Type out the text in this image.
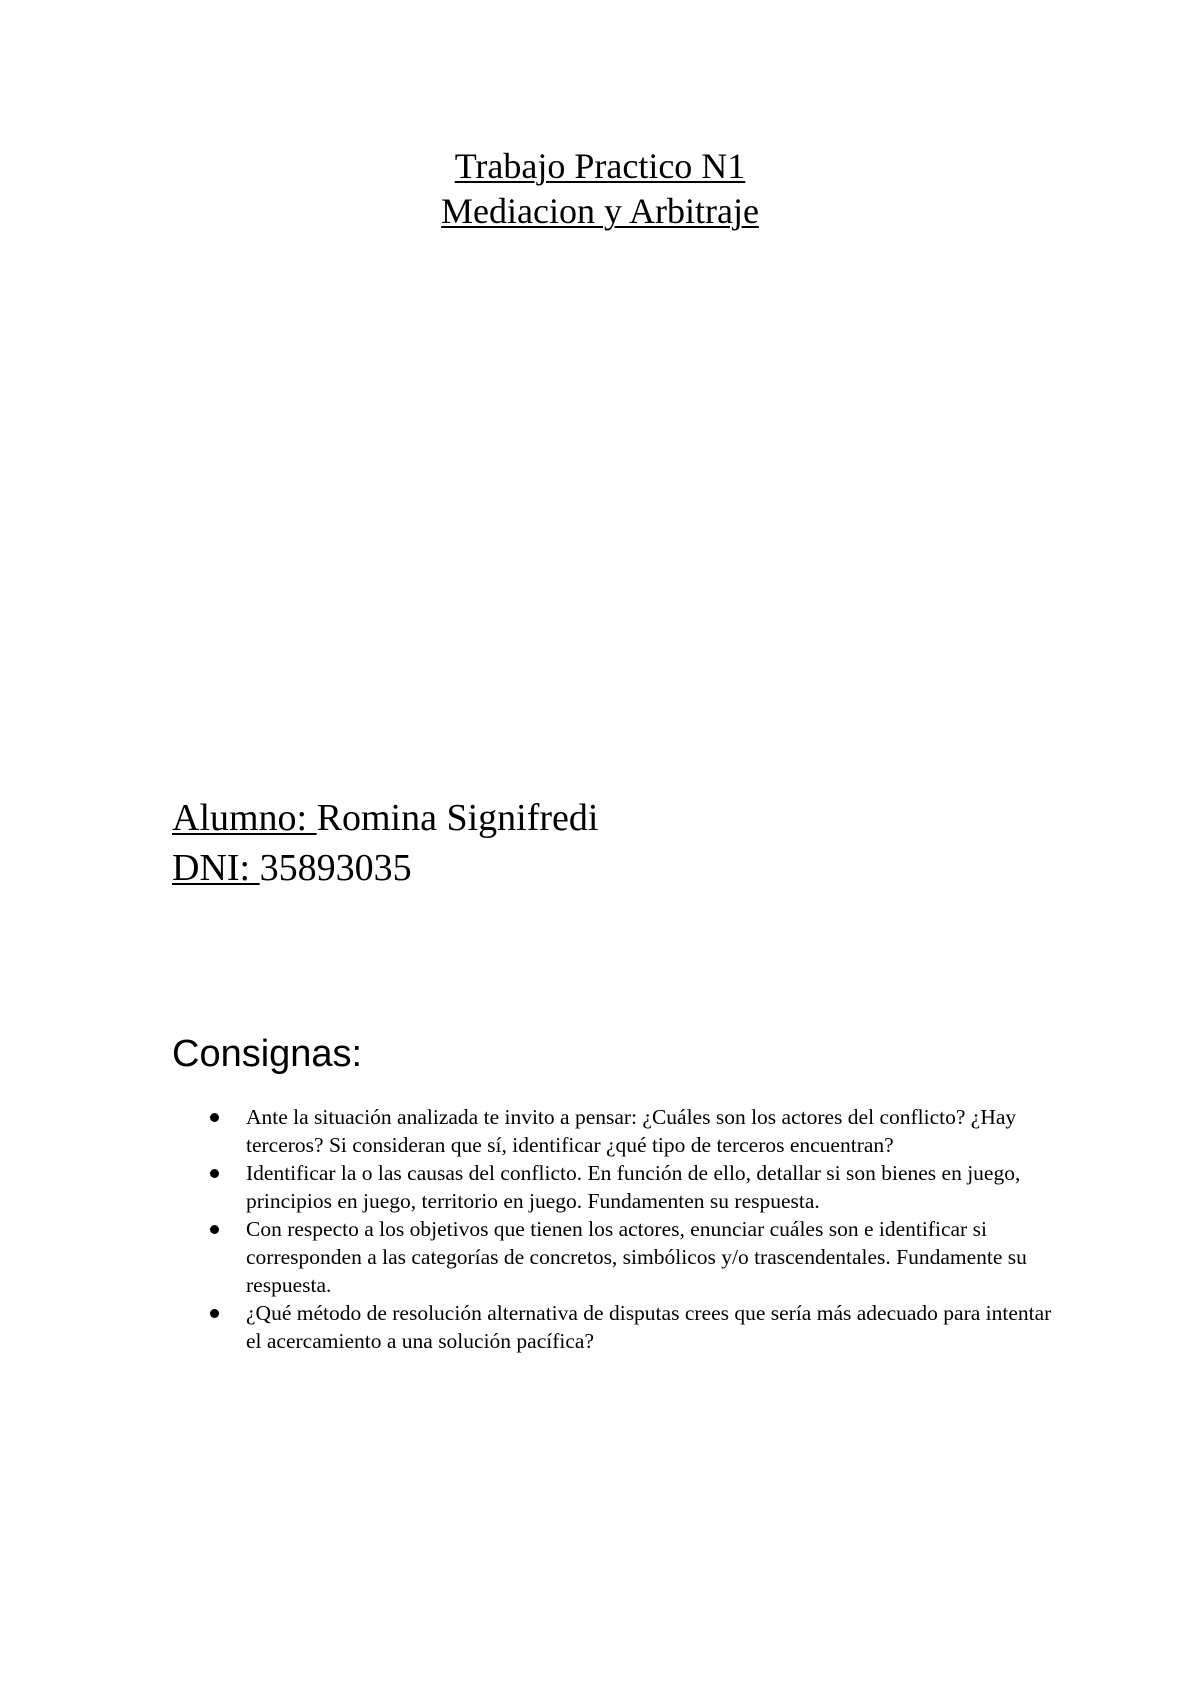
Trabajo Practico N1
Mediacion y Arbitraje
Alumno: Romina Signifredi
DNI: 35893035
Consignas:
Ante la situación analizada te invito a pensar: ¿Cuáles son los actores del conflicto? ¿Hay terceros? Si consideran que sí, identificar ¿qué tipo de terceros encuentran?
Identificar la o las causas del conflicto. En función de ello, detallar si son bienes en juego, principios en juego, territorio en juego. Fundamenten su respuesta.
Con respecto a los objetivos que tienen los actores, enunciar cuáles son e identificar si corresponden a las categorías de concretos, simbólicos y/o trascendentales. Fundamente su respuesta.
¿Qué método de resolución alternativa de disputas crees que sería más adecuado para intentar el acercamiento a una solución pacífica?
